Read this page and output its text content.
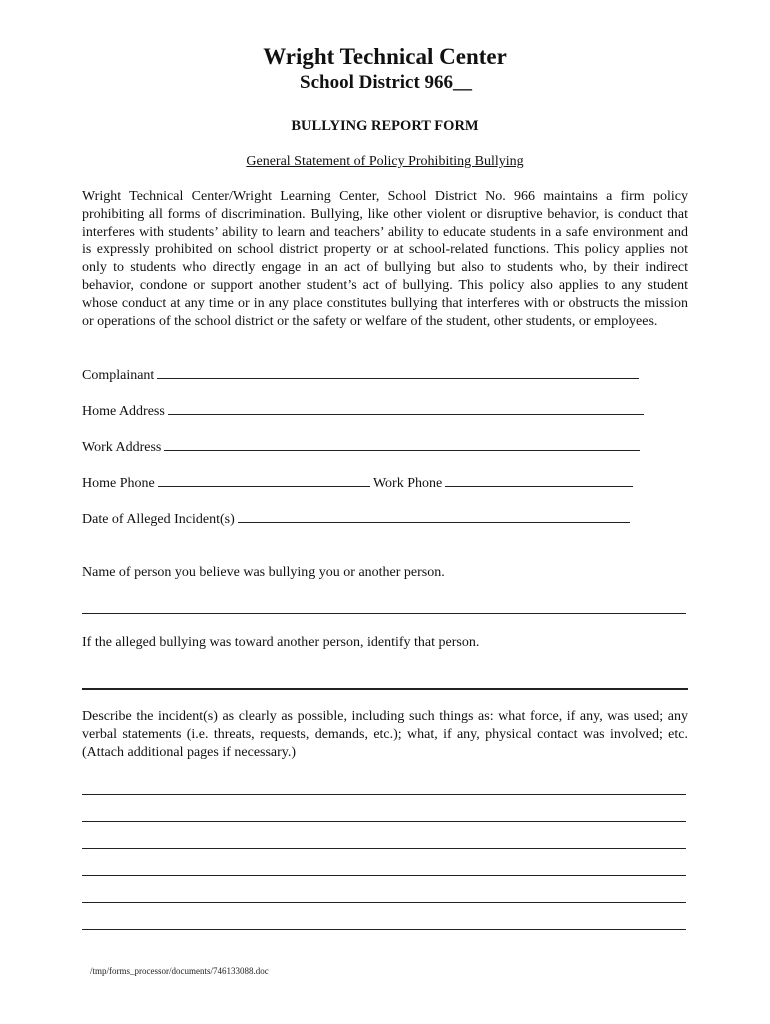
Wright Technical Center
School District 966__
BULLYING REPORT FORM
General Statement of Policy Prohibiting Bullying

Wright Technical Center/Wright Learning Center, School District No. 966 maintains a firm policy prohibiting all forms of discrimination. Bullying, like other violent or disruptive behavior, is conduct that interferes with students’ ability to learn and teachers’ ability to educate students in a safe environment and is expressly prohibited on school district property or at school-related functions. This policy applies not only to students who directly engage in an act of bullying but also to students who, by their indirect behavior, condone or support another student’s act of bullying. This policy also applies to any student whose conduct at any time or in any place constitutes bullying that interferes with or obstructs the mission or operations of the school district or the safety or welfare of the student, other students, or employees.

Complainant
Home Address
Work Address
Home Phone	Work Phone
Date of Alleged Incident(s)
Name of person you believe was bullying you or another person.
If the alleged bullying was toward another person, identify that person.

Describe the incident(s) as clearly as possible, including such things as: what force, if any, was used; any verbal statements (i.e. threats, requests, demands, etc.); what, if any, physical contact was involved; etc. (Attach additional pages if necessary.)

/tmp/forms_processor/documents/746133088.doc
